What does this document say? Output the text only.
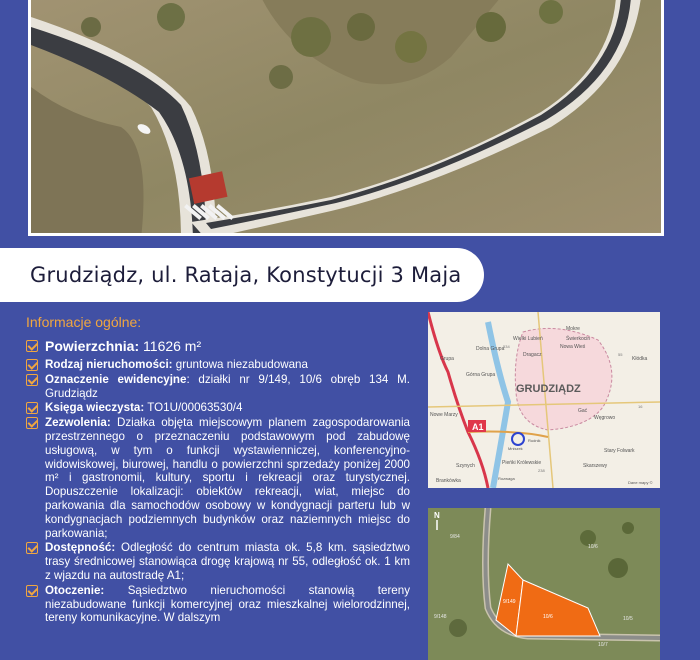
Grudziądz, ul. Rataja, Konstytucji 3 Maja
Informacje ogólne:
Powierzchnia: 11626 m²
Rodzaj nieruchomości: gruntowa niezabudowana
Oznaczenie ewidencyjne: działki nr 9/149, 10/6 obręb 134 M. Grudziądz
Księga wieczysta: TO1U/00063530/4
Zezwolenia: Działka objęta miejscowym planem zagospodarowania przestrzennego o przeznaczeniu podstawowym pod zabudowę usługową, w tym o funkcji wystawienniczej, konferencyjno-widowiskowej, biurowej, handlu o powierzchni sprzedaży poniżej 2000 m² i gastronomii, kultury, sportu i rekreacji oraz turystycznej. Dopuszczenie lokalizacji: obiektów rekreacji, wiat, miejsc do parkowania dla samochodów osobowy w kondygnacji parteru lub w kondygnacjach podziemnych budynków oraz naziemnych miejsc do parkowania;
Dostępność: Odległość do centrum miasta ok. 5,8 km. sąsiedztwo trasy średnicowej stanowiąca drogę krajową nr 55, odległość ok. 1 km z wjazdu na autostradę A1;
Otoczenie: Sąsiedztwo nieruchomości stanowią tereny niezabudowane funkcji komercyjnej oraz mieszkalnej wielorodzinnej, tereny komunikacyjne. W dalszym
A1
GRUDZIĄDZ
Mokre
Wielki Lubień	Świerkocin
Nowa Wieś
Dragacz
Dolna Grupa
Grupa
Górna Grupa
Kłódka
Gać
Węgrowo
Nowe Marzy
Stary Folwark
Szynych	Pieńki Królewskie	Skarszewy
Brankówka
Rudnik
Mniszek
Rozwaga
534
55
16
238
Dane mapy ©
N
9/149
10/6
9/84
10/6
10/5
10/7
9/148
